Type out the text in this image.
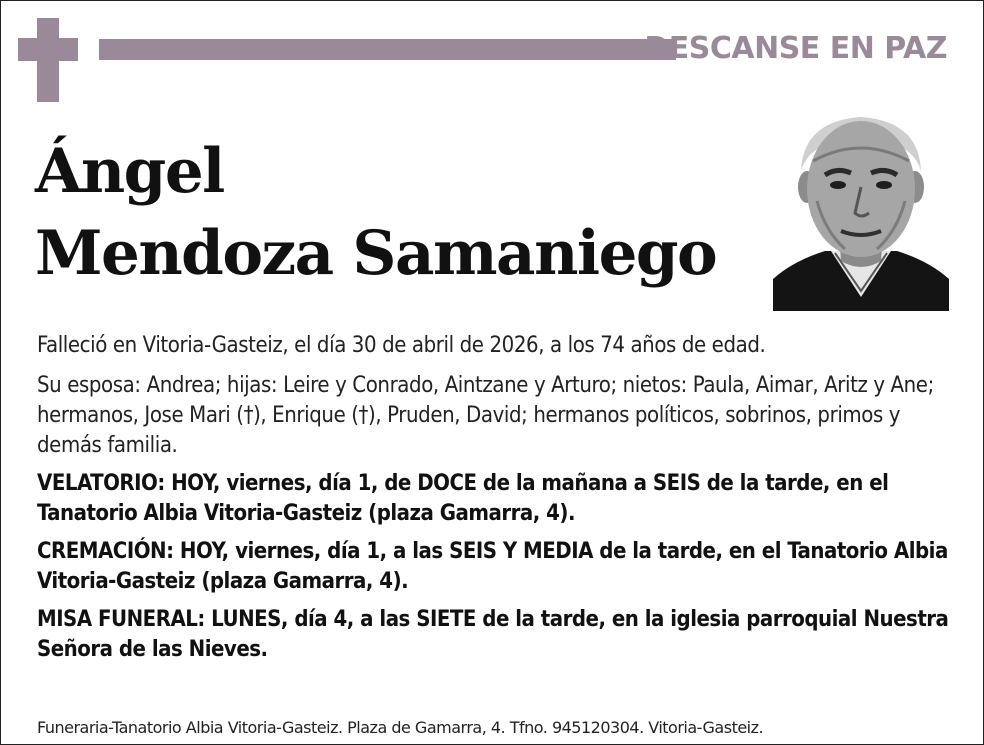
DESCANSE EN PAZ
Ángel
Mendoza Samaniego

Falleció en Vitoria-Gasteiz, el día 30 de abril de 2026, a los 74 años de edad.

Su esposa: Andrea; hijas: Leire y Conrado, Aintzane y Arturo; nietos: Paula, Aimar, Aritz y Ane; hermanos, Jose Mari (†), Enrique (†), Pruden, David; hermanos políticos, sobrinos, primos y demás familia.

VELATORIO: HOY, viernes, día 1, de DOCE de la mañana a SEIS de la tarde, en el Tanatorio Albia Vitoria-Gasteiz (plaza Gamarra, 4).

CREMACIÓN: HOY, viernes, día 1, a las SEIS Y MEDIA de la tarde, en el Tanatorio Albia Vitoria-Gasteiz (plaza Gamarra, 4).

MISA FUNERAL: LUNES, día 4, a las SIETE de la tarde, en la iglesia parroquial Nuestra Señora de las Nieves.

Funeraria-Tanatorio Albia Vitoria-Gasteiz. Plaza de Gamarra, 4. Tfno. 945120304. Vitoria-Gasteiz.
